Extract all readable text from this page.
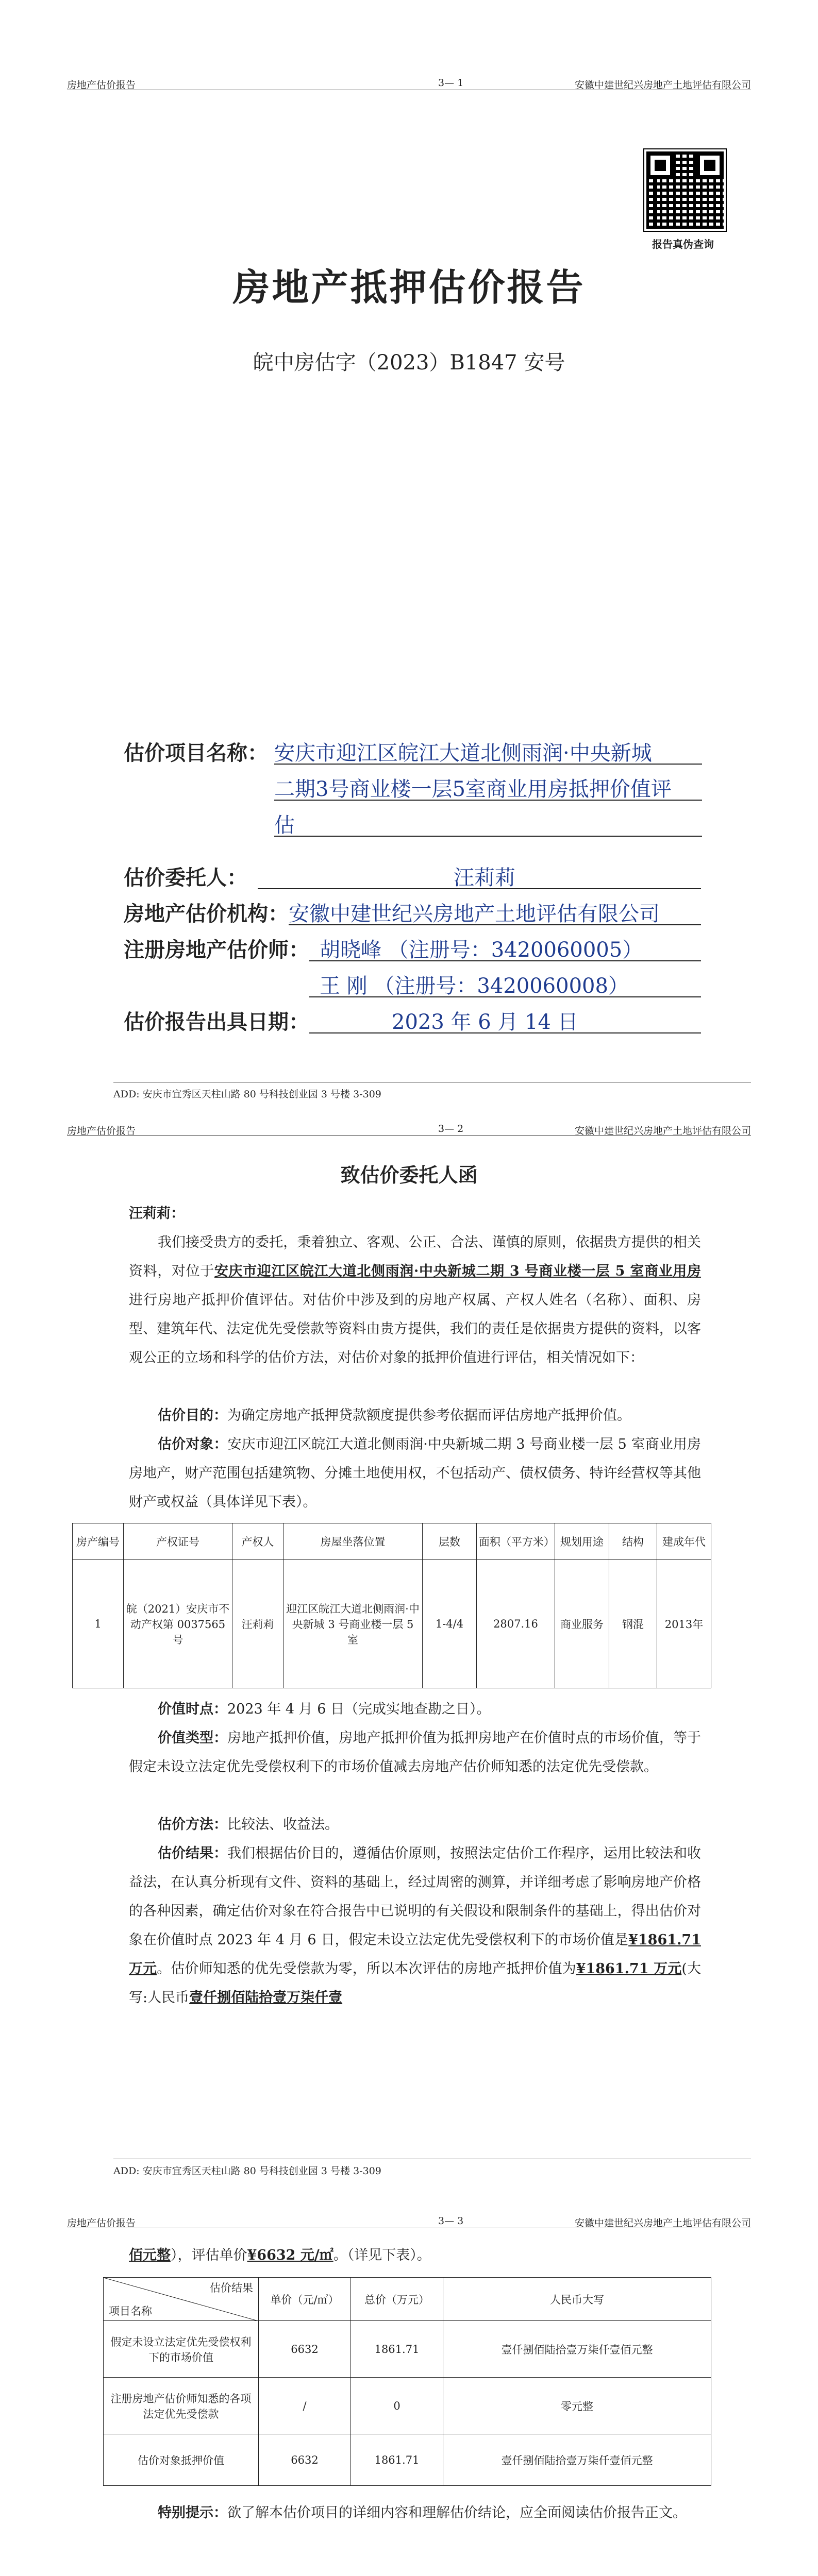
房地产估价报告	3— 1	安徽中建世纪兴房地产土地评估有限公司
报告真伪查询
房地产抵押估价报告
皖中房估字（2023）B1847 安号
估价项目名称： 安庆市迎江区皖江大道北侧雨润·中央新城
二期3号商业楼一层5室商业用房抵押价值评
估
估价委托人：	汪莉莉
房地产估价机构： 安徽中建世纪兴房地产土地评估有限公司
注册房地产估价师： 胡晓峰 （注册号：3420060005）
王 刚 （注册号：3420060008）
估价报告出具日期：	2023 年 6 月 14 日
ADD: 安庆市宜秀区天柱山路 80 号科技创业园 3 号楼 3-309
房地产估价报告	3— 2	安徽中建世纪兴房地产土地评估有限公司
致估价委托人函
汪莉莉：
我们接受贵方的委托，秉着独立、客观、公正、合法、谨慎的原则，依据贵方提供的相关资料，对位于安庆市迎江区皖江大道北侧雨润·中央新城二期 3 号商业楼一层 5 室商业用房进行房地产抵押价值评估。对估价中涉及到的房地产权属、产权人姓名（名称）、面积、房型、建筑年代、法定优先受偿款等资料由贵方提供，我们的责任是依据贵方提供的资料，以客观公正的立场和科学的估价方法，对估价对象的抵押价值进行评估，相关情况如下：
估价目的：为确定房地产抵押贷款额度提供参考依据而评估房地产抵押价值。
估价对象：安庆市迎江区皖江大道北侧雨润·中央新城二期 3 号商业楼一层 5 室商业用房房地产，财产范围包括建筑物、分摊土地使用权，不包括动产、债权债务、特许经营权等其他财产或权益（具体详见下表）。
房产编号	产权证号	产权人	房屋坐落位置	层数	面积（平方米）	规划用途	结构	建成年代
1	皖（2021）安庆市不动产权第 0037565 号	汪莉莉	迎江区皖江大道北侧雨润·中央新城 3 号商业楼一层 5 室	1-4/4	2807.16	商业服务	钢混	2013年
价值时点：2023 年 4 月 6 日（完成实地查勘之日）。
价值类型：房地产抵押价值，房地产抵押价值为抵押房地产在价值时点的市场价值，等于假定未设立法定优先受偿权利下的市场价值减去房地产估价师知悉的法定优先受偿款。
估价方法：比较法、收益法。
估价结果：我们根据估价目的，遵循估价原则，按照法定估价工作程序，运用比较法和收益法，在认真分析现有文件、资料的基础上，经过周密的测算，并详细考虑了影响房地产价格的各种因素，确定估价对象在符合报告中已说明的有关假设和限制条件的基础上，得出估价对象在价值时点 2023 年 4 月 6 日，假定未设立法定优先受偿权利下的市场价值是¥1861.71 万元。估价师知悉的优先受偿款为零，所以本次评估的房地产抵押价值为¥1861.71 万元(大写:人民币壹仟捌佰陆拾壹万柒仟壹
ADD: 安庆市宜秀区天柱山路 80 号科技创业园 3 号楼 3-309
房地产估价报告	3— 3	安徽中建世纪兴房地产土地评估有限公司
佰元整），评估单价¥6632 元/㎡。（详见下表）。
估价结果
项目名称	单价（元/㎡）	总价（万元）	人民币大写
假定未设立法定优先受偿权利下的市场价值	6632	1861.71	壹仟捌佰陆拾壹万柒仟壹佰元整
注册房地产估价师知悉的各项法定优先受偿款	/	0	零元整
估价对象抵押价值	6632	1861.71	壹仟捌佰陆拾壹万柒仟壹佰元整
特别提示：欲了解本估价项目的详细内容和理解估价结论，应全面阅读估价报告正文。
